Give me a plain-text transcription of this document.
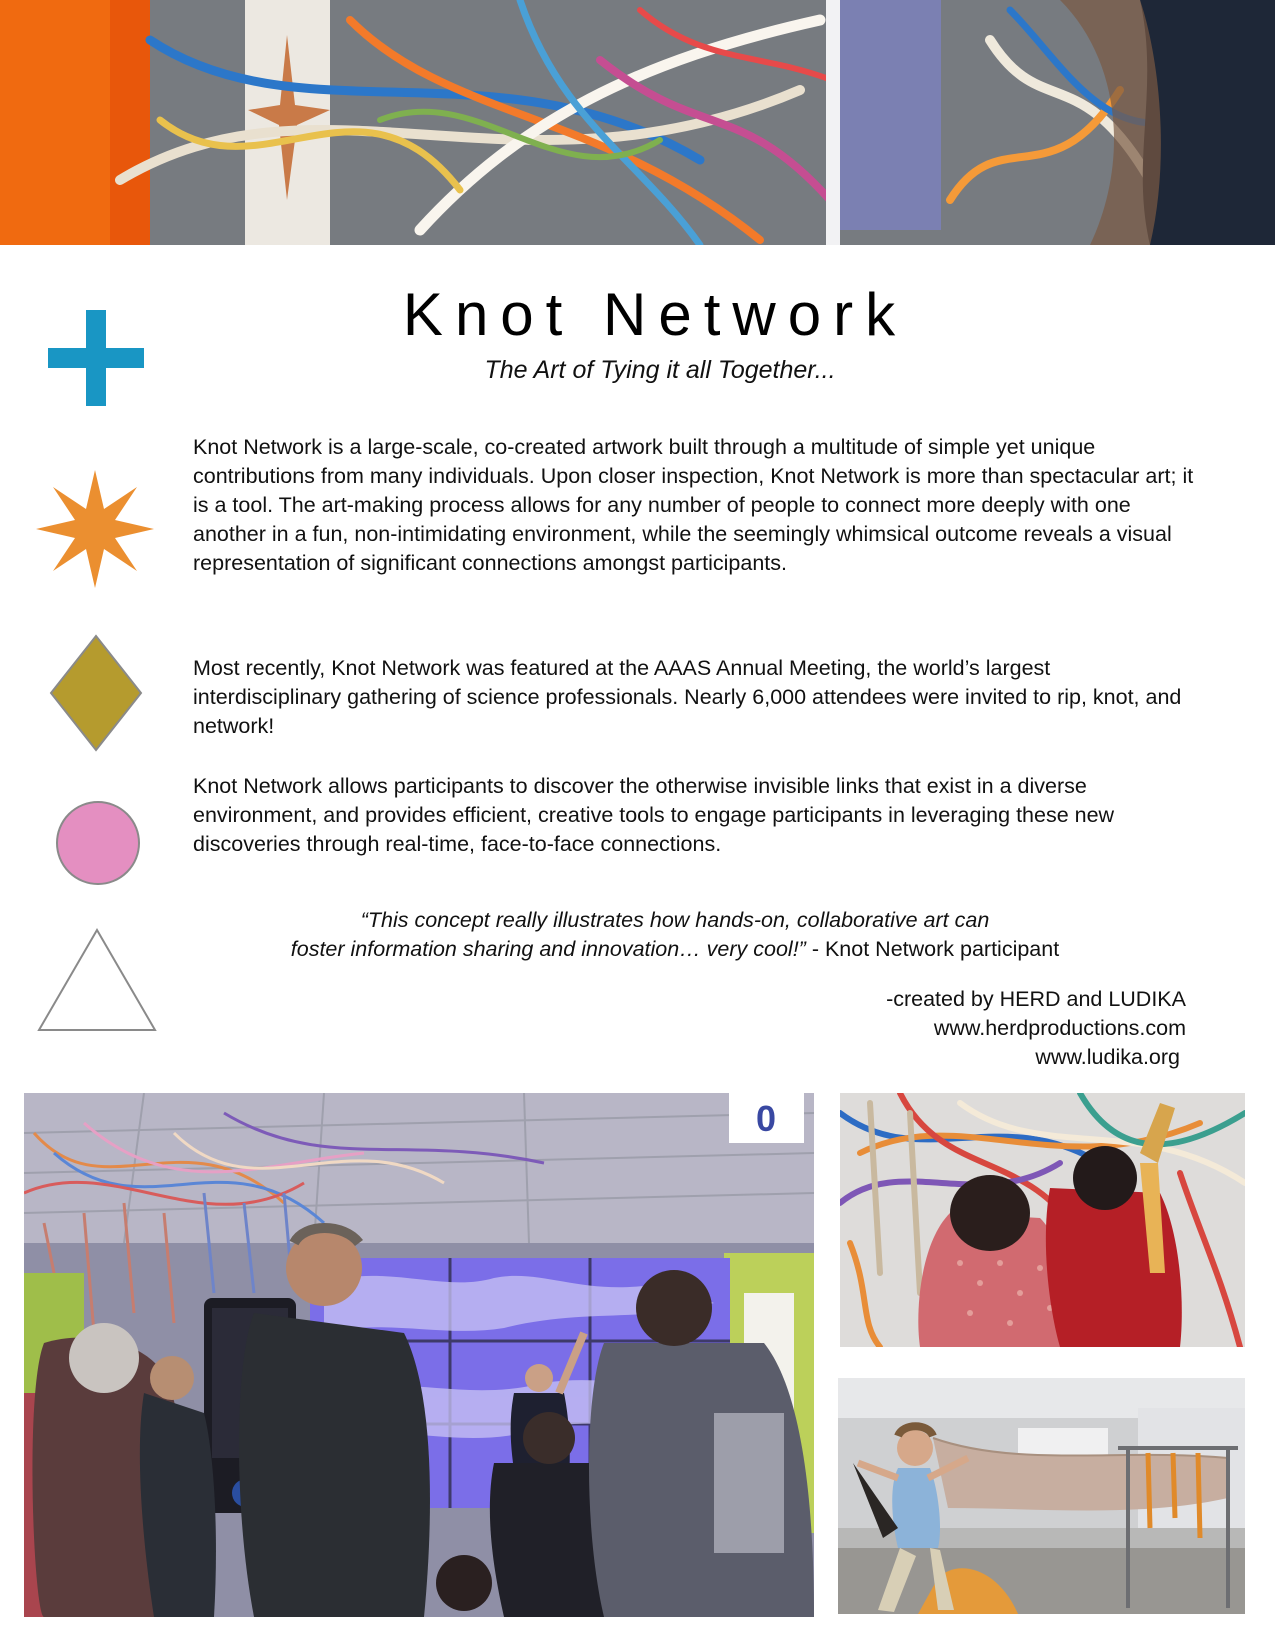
Knot Network

The Art of Tying it all Together...

Knot Network is a large-scale, co-created artwork built through a multitude of simple yet unique contributions from many individuals. Upon closer inspection, Knot Network is more than spectacular art; it is a tool. The art-making process allows for any number of people to connect more deeply with one another in a fun, non-intimidating environment, while the seemingly whimsical outcome reveals a visual representation of significant connections amongst participants.

Most recently, Knot Network was featured at the AAAS Annual Meeting, the world’s largest interdisciplinary gathering of science professionals. Nearly 6,000 attendees were invited to rip, knot, and network!

Knot Network allows participants to discover the otherwise invisible links that exist in a diverse environment, and provides efficient, creative tools to engage participants in leveraging these new discoveries through real-time, face-to-face connections.

“This concept really illustrates how hands-on, collaborative art can
foster information sharing and innovation… very cool!” - Knot Network participant

-created by HERD and LUDIKA
www.herdproductions.com
www.ludika.org

0
